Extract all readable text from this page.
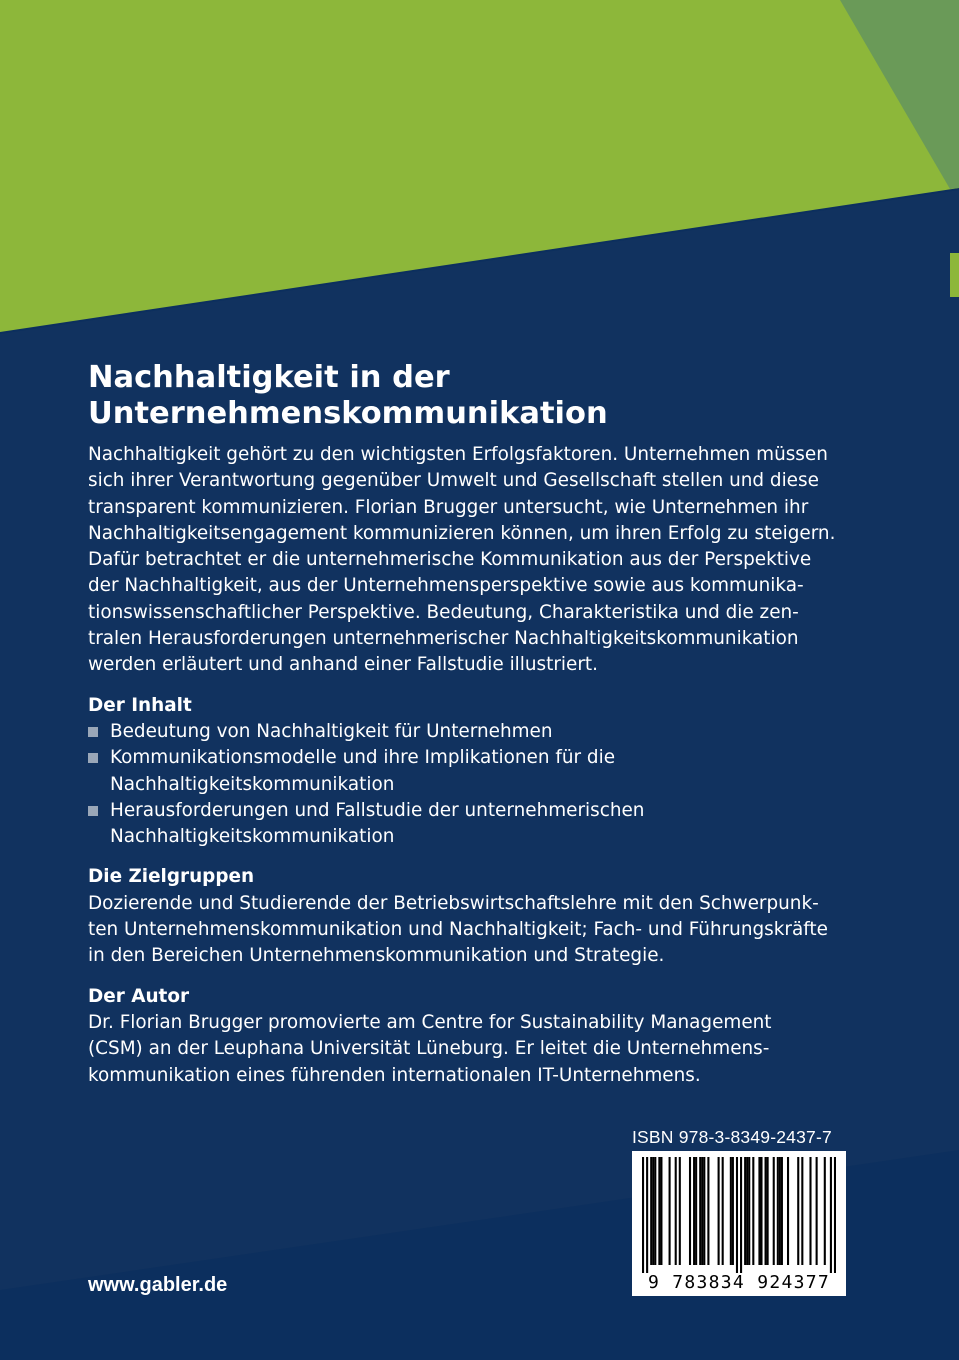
Nachhaltigkeit in der
Unternehmenskommunikation
Nachhaltigkeit gehört zu den wichtigsten Erfolgsfaktoren. Unternehmen müssen
sich ihrer Verantwortung gegenüber Umwelt und Gesellschaft stellen und diese
transparent kommunizieren. Florian Brugger untersucht, wie Unternehmen ihr
Nachhaltigkeitsengagement kommunizieren können, um ihren Erfolg zu steigern.
Dafür betrachtet er die unternehmerische Kommunikation aus der Perspektive
der Nachhaltigkeit, aus der Unternehmensperspektive sowie aus kommunika-
tionswissenschaftlicher Perspektive. Bedeutung, Charakteristika und die zen-
tralen Herausforderungen unternehmerischer Nachhaltigkeitskommunikation
werden erläutert und anhand einer Fallstudie illustriert.
Der Inhalt
Bedeutung von Nachhaltigkeit für Unternehmen
Kommunikationsmodelle und ihre Implikationen für die
Nachhaltigkeitskommunikation
Herausforderungen und Fallstudie der unternehmerischen
Nachhaltigkeitskommunikation
Die Zielgruppen
Dozierende und Studierende der Betriebswirtschaftslehre mit den Schwerpunk-
ten Unternehmenskommunikation und Nachhaltigkeit; Fach- und Führungskräfte
in den Bereichen Unternehmenskommunikation und Strategie.
Der Autor
Dr. Florian Brugger promovierte am Centre for Sustainability Management
(CSM) an der Leuphana Universität Lüneburg. Er leitet die Unternehmens-
kommunikation eines führenden internationalen IT-Unternehmens.
ISBN 978-3-8349-2437-7
9 783834 924377
www.gabler.de
